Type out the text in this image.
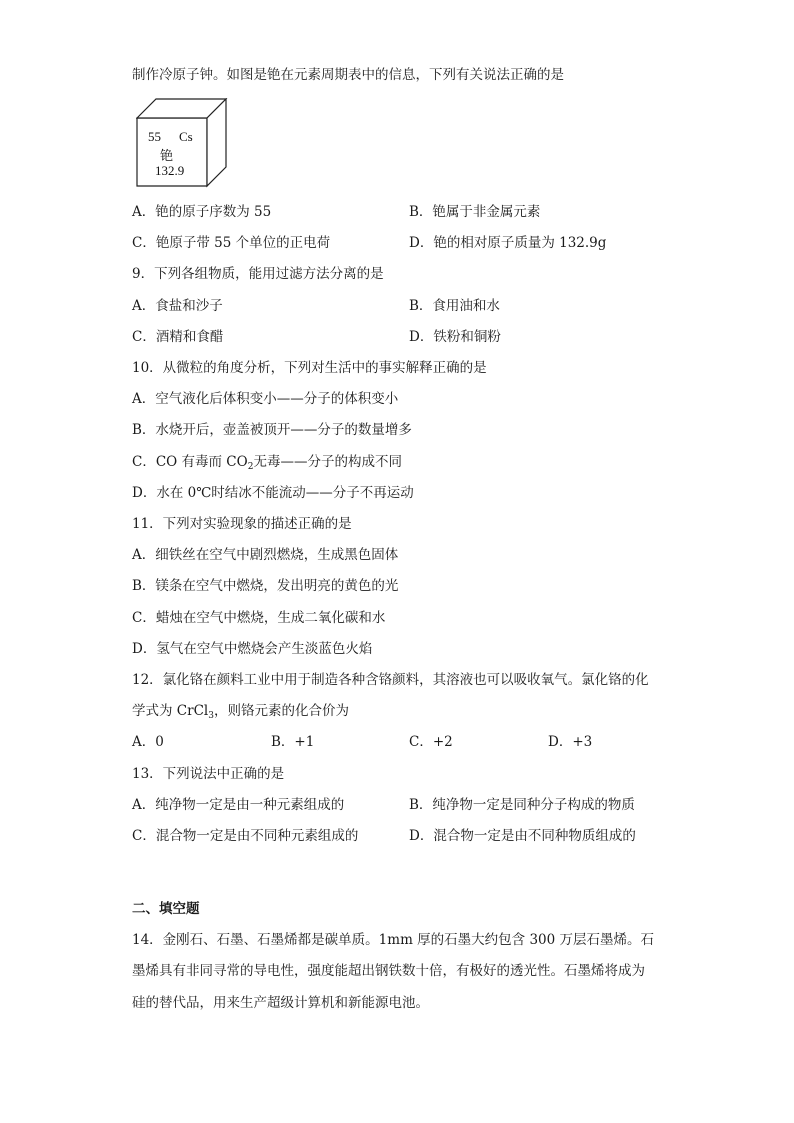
制作冷原子钟。如图是铯在元素周期表中的信息，下列有关说法正确的是
55 Cs
铯
132.9
A．铯的原子序数为 55	B．铯属于非金属元素
C．铯原子带 55 个单位的正电荷	D．铯的相对原子质量为 132.9g
9．下列各组物质，能用过滤方法分离的是
A．食盐和沙子	B．食用油和水
C．酒精和食醋	D．铁粉和铜粉
10．从微粒的角度分析，下列对生活中的事实解释正确的是
A．空气液化后体积变小——分子的体积变小
B．水烧开后，壶盖被顶开——分子的数量增多
C．CO 有毒而 $CO_2$无毒——分子的构成不同
D．水在 0℃时结冰不能流动——分子不再运动
11．下列对实验现象的描述正确的是
A．细铁丝在空气中剧烈燃烧，生成黑色固体
B．镁条在空气中燃烧，发出明亮的黄色的光
C．蜡烛在空气中燃烧，生成二氧化碳和水
D．氢气在空气中燃烧会产生淡蓝色火焰
12．氯化铬在颜料工业中用于制造各种含铬颜料，其溶液也可以吸收氧气。氯化铬的化
学式为 CrCl$_3$，则铬元素的化合价为
A．0	B．+1	C．+2	D．+3
13．下列说法中正确的是
A．纯净物一定是由一种元素组成的	B．纯净物一定是同种分子构成的物质
C．混合物一定是由不同种元素组成的	D．混合物一定是由不同种物质组成的
二、填空题
14．金刚石、石墨、石墨烯都是碳单质。1mm 厚的石墨大约包含 300 万层石墨烯。石
墨烯具有非同寻常的导电性，强度能超出钢铁数十倍，有极好的透光性。石墨烯将成为
硅的替代品，用来生产超级计算机和新能源电池。
